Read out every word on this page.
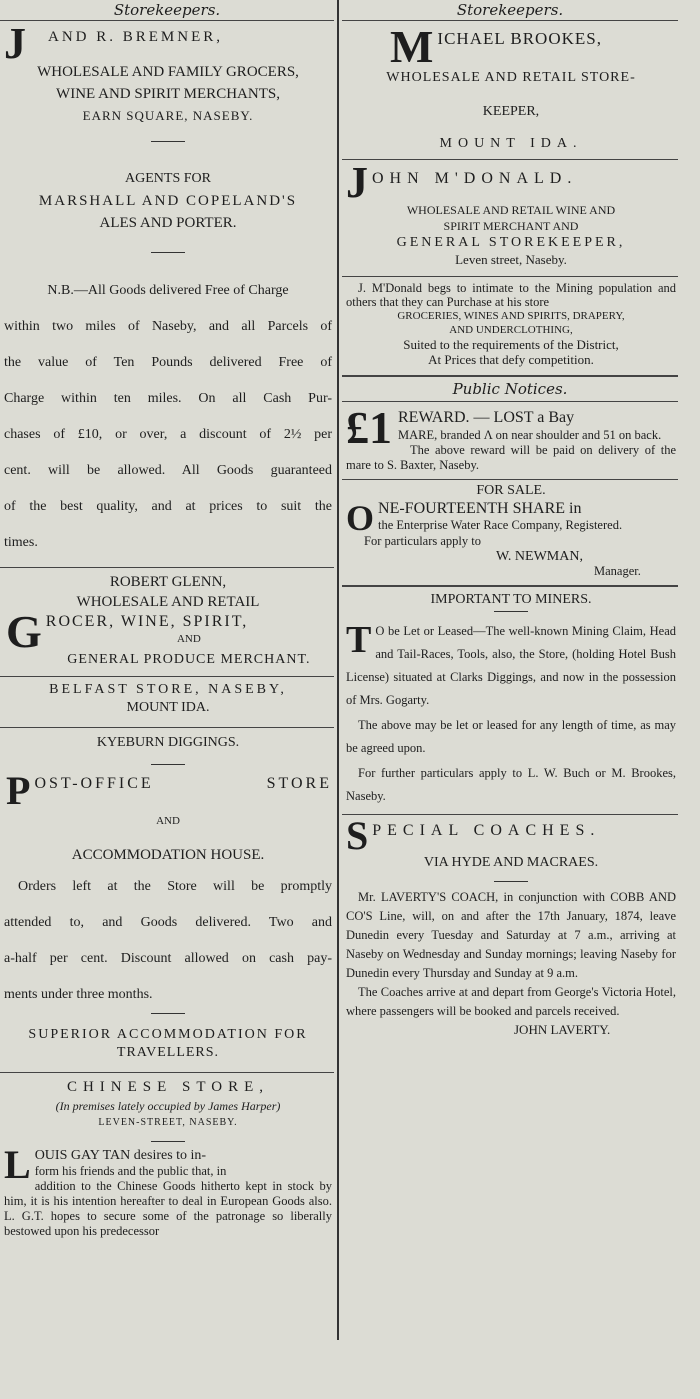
Storekeepers.
J	AND R. BREMNER,
WHOLESALE AND FAMILY GROCERS,
WINE AND SPIRIT MERCHANTS,
EARN SQUARE, NASEBY.
AGENTS FOR
MARSHALL AND COPELAND'S
ALES AND PORTER.
N.B.—All Goods delivered Free of Charge
within two miles of Naseby, and all Parcels of
the value of Ten Pounds delivered Free of
Charge within ten miles. On all Cash Pur-
chases of £10, or over, a discount of 2½ per
cent. will be allowed. All Goods guaranteed
of the best quality, and at prices to suit the
times.
ROBERT GLENN,
WHOLESALE AND RETAIL
G ROCER, WINE, SPIRIT,
AND
GENERAL PRODUCE MERCHANT.
BELFAST STORE, NASEBY,
MOUNT IDA.
KYEBURN DIGGINGS.
P OST-OFFICE STORE
AND
ACCOMMODATION HOUSE.
Orders left at the Store will be promptly
attended to, and Goods delivered. Two and
a-half per cent. Discount allowed on cash pay-
ments under three months.
SUPERIOR ACCOMMODATION FOR
TRAVELLERS.
CHINESE STORE,
(In premises lately occupied by James Harper)
LEVEN-STREET, NASEBY.
L OUIS GAY TAN desires to in-
form his friends and the public that, in
addition to the Chinese Goods hitherto kept in stock by him, it is his intention hereafter to deal in European Goods also. L. G.T. hopes to secure some of the patronage so liberally bestowed upon his predecessor
Storekeepers.
M ICHAEL BROOKES,
WHOLESALE AND RETAIL STORE-
KEEPER,
MOUNT IDA.
J OHN M'DONALD.
WHOLESALE AND RETAIL WINE AND
SPIRIT MERCHANT AND
GENERAL STOREKEEPER,
Leven street, Naseby.
J. M'Donald begs to intimate to the Mining population and others that they can Purchase at his store
GROCERIES, WINES AND SPIRITS, DRAPERY,
AND UNDERCLOTHING,
Suited to the requirements of the District,
At Prices that defy competition.
Public Notices.
£1 REWARD. — LOST a Bay
MARE, branded Λ on near shoulder and 51 on back.
The above reward will be paid on delivery of the mare to S. Baxter, Naseby.
FOR SALE.
O NE-FOURTEENTH SHARE in
the Enterprise Water Race Company, Registered.
For particulars apply to
W. NEWMAN,
Manager.
IMPORTANT TO MINERS.
T O be Let or Leased—The well-known Mining Claim, Head and Tail-Races, Tools, also, the Store, (holding Hotel Bush License) situated at Clarks Diggings, and now in the possession of Mrs. Gogarty.
The above may be let or leased for any length of time, as may be agreed upon.
For further particulars apply to L. W. Buch or M. Brookes, Naseby.
S PECIAL COACHES.
VIA HYDE AND MACRAES.
Mr. LAVERTY'S COACH, in conjunction with COBB AND CO'S Line, will, on and after the 17th January, 1874, leave Dunedin every Tuesday and Saturday at 7 a.m., arriving at Naseby on Wednesday and Sunday mornings; leaving Naseby for Dunedin every Thursday and Sunday at 9 a.m.
The Coaches arrive at and depart from George's Victoria Hotel, where passengers will be booked and parcels received.
JOHN LAVERTY.
